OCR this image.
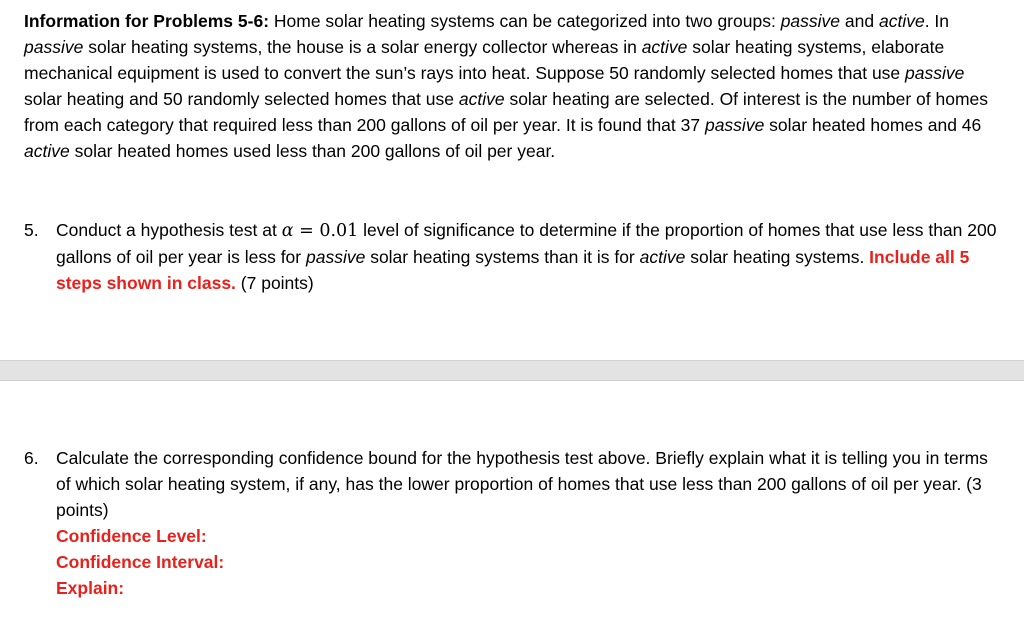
Information for Problems 5-6: Home solar heating systems can be categorized into two groups: passive and active. In passive solar heating systems, the house is a solar energy collector whereas in active solar heating systems, elaborate mechanical equipment is used to convert the sun’s rays into heat. Suppose 50 randomly selected homes that use passive solar heating and 50 randomly selected homes that use active solar heating are selected. Of interest is the number of homes from each category that required less than 200 gallons of oil per year. It is found that 37 passive solar heated homes and 46 active solar heated homes used less than 200 gallons of oil per year.

5. Conduct a hypothesis test at α = 0.01 level of significance to determine if the proportion of homes that use less than 200 gallons of oil per year is less for passive solar heating systems than it is for active solar heating systems. Include all 5 steps shown in class. (7 points)
6. Calculate the corresponding confidence bound for the hypothesis test above. Briefly explain what it is telling you in terms of which solar heating system, if any, has the lower proportion of homes that use less than 200 gallons of oil per year. (3 points)
Confidence Level:
Confidence Interval:
Explain:
